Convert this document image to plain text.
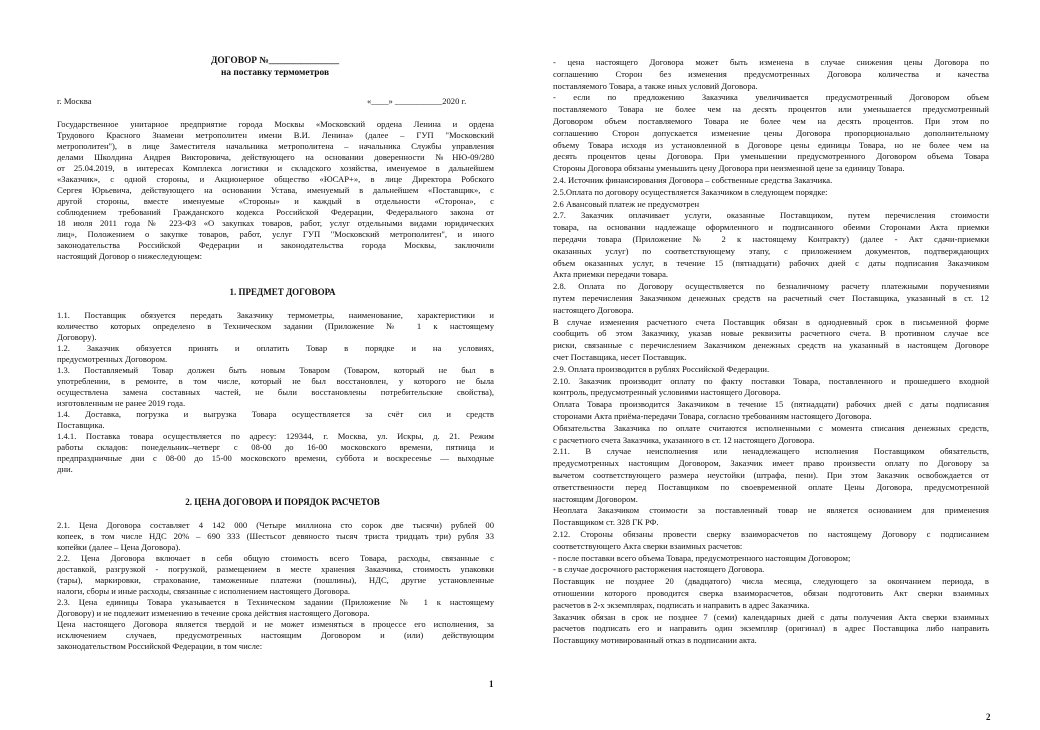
ДОГОВОР №_______________
на поставку термометров
г. Москва	«____» ___________2020 г.
Государственное унитарное предприятие города Москвы «Московский ордена Ленина и ордена
Трудового Красного Знамени метрополитен имени В.И. Ленина» (далее – ГУП "Московский
метрополитен"), в лице Заместителя начальника метрополитена – начальника Службы управления
делами Школдина Андрея Викторовича, действующего на основании доверенности №НЮ-09/280
от 25.04.2019, в интересах Комплекса логистики и складского хозяйства, именуемое в дальнейшем
«Заказчик», с одной стороны, и Акционерное общество «ЮСАР+», в лице Директора Робского
Сергея Юрьевича, действующего на основании Устава, именуемый в дальнейшем «Поставщик», с
другой стороны, вместе именуемые «Стороны» и каждый в отдельности «Сторона», с
соблюдением требований Гражданского кодекса Российской Федерации, Федерального закона от
18 июля 2011 года № 223-ФЗ «О закупках товаров, работ, услуг отдельными видами юридических
лиц», Положением о закупке товаров, работ, услуг ГУП "Московский метрополитен", и иного
законодательства Российской Федерации и законодательства города Москвы, заключили
настоящий Договор о нижеследующем:
1. ПРЕДМЕТ ДОГОВОРА
1.1. Поставщик обязуется передать Заказчику термометры, наименование, характеристики и
количество которых определено в Техническом задании (Приложение № 1 к настоящему
Договору).
1.2. Заказчик обязуется принять и оплатить Товар в порядке и на условиях,
предусмотренных Договором.
1.3. Поставляемый Товар должен быть новым Товаром (Товаром, который не был в
употреблении, в ремонте, в том числе, который не был восстановлен, у которого не была
осуществлена замена составных частей, не были восстановлены потребительские свойства),
изготовленным не ранее 2019 года.
1.4. Доставка, погрузка и выгрузка Товара осуществляется за счёт сил и средств
Поставщика.
1.4.1. Поставка товара осуществляется по адресу: 129344, г. Москва, ул. Искры, д. 21. Режим
работы складов: понедельник–четверг с 08-00 до 16-00 московского времени, пятница и
предпраздничные дни с 08-00 до 15-00 московского времени, суббота и воскресенье — выходные
дни.
2. ЦЕНА ДОГОВОРА И ПОРЯДОК РАСЧЕТОВ
2.1. Цена Договора составляет 4 142 000 (Четыре миллиона сто сорок две тысячи) рублей 00
копеек, в том числе НДС 20% – 690 333 (Шестьсот девяносто тысяч триста тридцать три) рубля 33
копейки (далее – Цена Договора).
2.2. Цена Договора включает в себя общую стоимость всего Товара, расходы, связанные с
доставкой, разгрузкой - погрузкой, размещением в месте хранения Заказчика, стоимость упаковки
(тары), маркировки, страхование, таможенные платежи (пошлины), НДС, другие установленные
налоги, сборы и иные расходы, связанные с исполнением настоящего Договора.
2.3. Цена единицы Товара указывается в Техническом задании (Приложение № 1 к настоящему
Договору) и не подлежит изменению в течение срока действия настоящего Договора.
Цена настоящего Договора является твердой и не может изменяться в процессе его исполнения, за
исключением случаев, предусмотренных настоящим Договором и (или) действующим
законодательством Российской Федерации, в том числе:
1
- цена настоящего Договора может быть изменена в случае снижения цены Договора по
соглашению Сторон без изменения предусмотренных Договора количества и качества
поставляемого Товара, а также иных условий Договора.
- если по предложению Заказчика увеличивается предусмотренный Договором объем
поставляемого Товара не более чем на десять процентов или уменьшается предусмотренный
Договором объем поставляемого Товара не более чем на десять процентов. При этом по
соглашению Сторон допускается изменение цены Договора пропорционально дополнительному
объему Товара исходя из установленной в Договоре цены единицы Товара, но не более чем на
десять процентов цены Договора. При уменьшении предусмотренного Договором объема Товара
Стороны Договора обязаны уменьшить цену Договора при неизменной цене за единицу Товара.
2.4. Источник финансирования Договора – собственные средства Заказчика.
2.5.Оплата по договору осуществляется Заказчиком в следующем порядке:
2.6 Авансовый платеж не предусмотрен
2.7. Заказчик оплачивает услуги, оказанные Поставщиком, путем перечисления стоимости
товара, на основании надлежаще оформленного и подписанного обеими Сторонами Акта приемки
передачи товара (Приложение № 2 к настоящему Контракту) (далее - Акт сдачи-приемки
оказанных услуг) по соответствующему этапу, с приложением документов, подтверждающих
объем оказанных услуг, в течение 15 (пятнадцати) рабочих дней с даты подписания Заказчиком
Акта приемки передачи товара.
2.8. Оплата по Договору осуществляется по безналичному расчету платежными поручениями
путем перечисления Заказчиком денежных средств на расчетный счет Поставщика, указанный в ст. 12
настоящего Договора.
В случае изменения расчетного счета Поставщик обязан в однодневный срок в письменной форме
сообщить об этом Заказчику, указав новые реквизиты расчетного счета. В противном случае все
риски, связанные с перечислением Заказчиком денежных средств на указанный в настоящем Договоре
счет Поставщика, несет Поставщик.
2.9. Оплата производится в рублях Российской Федерации.
2.10. Заказчик производит оплату по факту поставки Товара, поставленного и прошедшего входной
контроль, предусмотренный условиями настоящего Договора.
Оплата Товара производится Заказчиком в течение 15 (пятнадцати) рабочих дней с даты подписания
сторонами Акта приёма-передачи Товара, согласно требованиям настоящего Договора.
Обязательства Заказчика по оплате считаются исполненными с момента списания денежных средств,
с расчетного счета Заказчика, указанного в ст. 12 настоящего Договора.
2.11. В случае неисполнения или ненадлежащего исполнения Поставщиком обязательств,
предусмотренных настоящим Договором, Заказчик имеет право произвести оплату по Договору за
вычетом соответствующего размера неустойки (штрафа, пени). При этом Заказчик освобождается от
ответственности перед Поставщиком по своевременной оплате Цены Договора, предусмотренной
настоящим Договором.
Неоплата Заказчиком стоимости за поставленный товар не является основанием для применения
Поставщиком ст. 328 ГК РФ.
2.12. Стороны обязаны провести сверку взаиморасчетов по настоящему Договору с подписанием
соответствующего Акта сверки взаимных расчетов:
- после поставки всего объема Товара, предусмотренного настоящим Договором;
- в случае досрочного расторжения настоящего Договора.
Поставщик не позднее 20 (двадцатого) числа месяца, следующего за окончанием периода, в
отношении которого проводится сверка взаиморасчетов, обязан подготовить Акт сверки взаимных
расчетов в 2-х экземплярах, подписать и направить в адрес Заказчика.
Заказчик обязан в срок не позднее 7 (семи) календарных дней с даты получения Акта сверки взаимных
расчетов подписать его и направить один экземпляр (оригинал) в адрес Поставщика либо направить
Поставщику мотивированный отказ в подписании акта.
2
